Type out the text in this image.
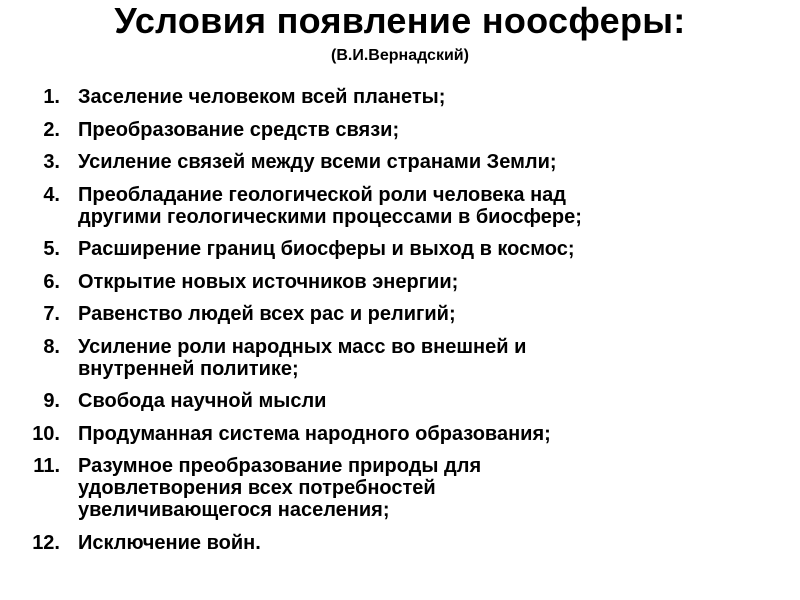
Условия появление ноосферы:
(В.И.Вернадский)
1. Заселение человеком всей планеты;
2. Преобразование средств связи;
3. Усиление связей между всеми странами Земли;
4. Преобладание геологической роли человека над
другими геологическими процессами в биосфере;
5. Расширение границ биосферы и выход в космос;
6. Открытие новых источников энергии;
7. Равенство людей всех рас и религий;
8. Усиление роли народных масс во внешней и
внутренней политике;
9. Свобода научной мысли
10. Продуманная система народного образования;
11. Разумное преобразование природы для
удовлетворения всех потребностей
увеличивающегося населения;
12. Исключение войн.
